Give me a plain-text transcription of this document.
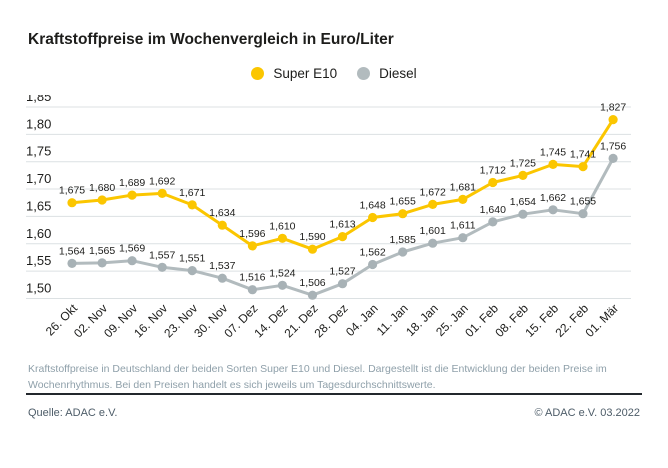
Kraftstoffpreise im Wochenvergleich in Euro/Liter
Super E10	Diesel
1,85
1,80
1,75
1,70
1,65
1,60
1,55
1,50
1,564 1,565 1,569
1,557 1,551
1,537
1,516 1,524
1,506
1,527
1,562
1,585
1,601 1,611
1,640
1,654 1,662 1,655
1,756
1,675 1,680 1,689 1,692
1,671
1,634
1,596
1,610
1,590
1,613
1,648 1,655
1,672 1,681
1,712
1,725
1,745 1,741
1,827
26. Okt
02. Nov
09. Nov
16. Nov
23. Nov
30. Nov
07. Dez
14. Dez
21. Dez
28. Dez
04. Jan
11. Jan
18. Jan
25. Jan
01. Feb
08. Feb
15. Feb
22. Feb
01. Mär
Kraftstoffpreise in Deutschland der beiden Sorten Super E10 und Diesel. Dargestellt ist die Entwicklung der beiden Preise im Wochenrhythmus. Bei den Preisen handelt es sich jeweils um Tagesdurchschnittswerte.
Quelle: ADAC e.V.	© ADAC e.V. 03.2022
